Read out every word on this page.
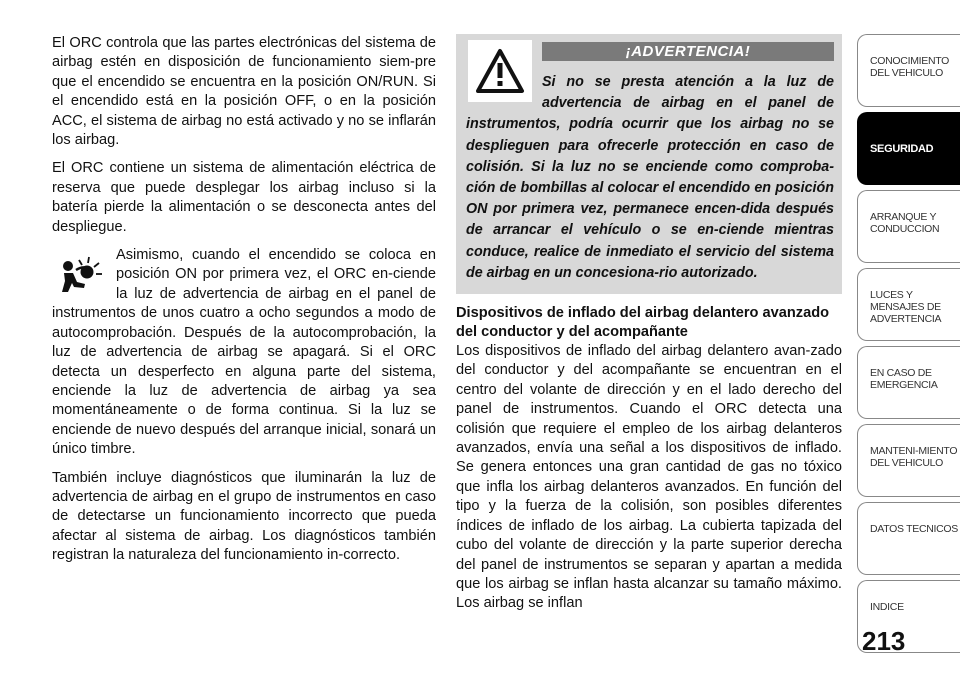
El ORC controla que las partes electrónicas del sistema de airbag estén en disposición de funcionamiento siem-pre que el encendido se encuentra en la posición ON/RUN. Si el encendido está en la posición OFF, o en la posición ACC, el sistema de airbag no está activado y no se inflarán los airbag.

El ORC contiene un sistema de alimentación eléctrica de reserva que puede desplegar los airbag incluso si la batería pierde la alimentación o se desconecta antes del despliegue.

Asimismo, cuando el encendido se coloca en posición ON por primera vez, el ORC en-ciende la luz de advertencia de airbag en el panel de instrumentos de unos cuatro a ocho segundos a modo de autocomprobación. Después de la autocomprobación, la luz de advertencia de airbag se apagará. Si el ORC detecta un desperfecto en alguna parte del sistema, enciende la luz de advertencia de airbag ya sea momentáneamente o de forma continua. Si la luz se enciende de nuevo después del arranque inicial, sonará un único timbre.

También incluye diagnósticos que iluminarán la luz de advertencia de airbag en el grupo de instrumentos en caso de detectarse un funcionamiento incorrecto que pueda afectar al sistema de airbag. Los diagnósticos también registran la naturaleza del funcionamiento in-correcto.

¡ADVERTENCIA!

Si no se presta atención a la luz de advertencia de airbag en el panel de instrumentos, podría ocurrir que los airbag no se desplieguen para ofrecerle protección en caso de colisión. Si la luz no se enciende como comproba-ción de bombillas al colocar el encendido en posición ON por primera vez, permanece encen-dida después de arrancar el vehículo o se en-ciende mientras conduce, realice de inmediato el servicio del sistema de airbag en un concesiona-rio autorizado.

Dispositivos de inflado del airbag delantero avanzado del conductor y del acompañante

Los dispositivos de inflado del airbag delantero avan-zado del conductor y del acompañante se encuentran en el centro del volante de dirección y en el lado derecho del panel de instrumentos. Cuando el ORC detecta una colisión que requiere el empleo de los airbag delanteros avanzados, envía una señal a los dispositivos de inflado. Se genera entonces una gran cantidad de gas no tóxico que infla los airbag delanteros avanzados. En función del tipo y la fuerza de la colisión, son posibles diferentes índices de inflado de los airbag. La cubierta tapizada del cubo del volante de dirección y la parte superior derecha del panel de instrumentos se separan y apartan a medida que los airbag se inflan hasta alcanzar su tamaño máximo. Los airbag se inflan

CONOCIMIENTO DEL VEHICULO
SEGURIDAD
ARRANQUE Y CONDUCCION
LUCES Y MENSAJES DE ADVERTENCIA
EN CASO DE EMERGENCIA
MANTENI-MIENTO DEL VEHICULO
DATOS TECNICOS
INDICE
213
